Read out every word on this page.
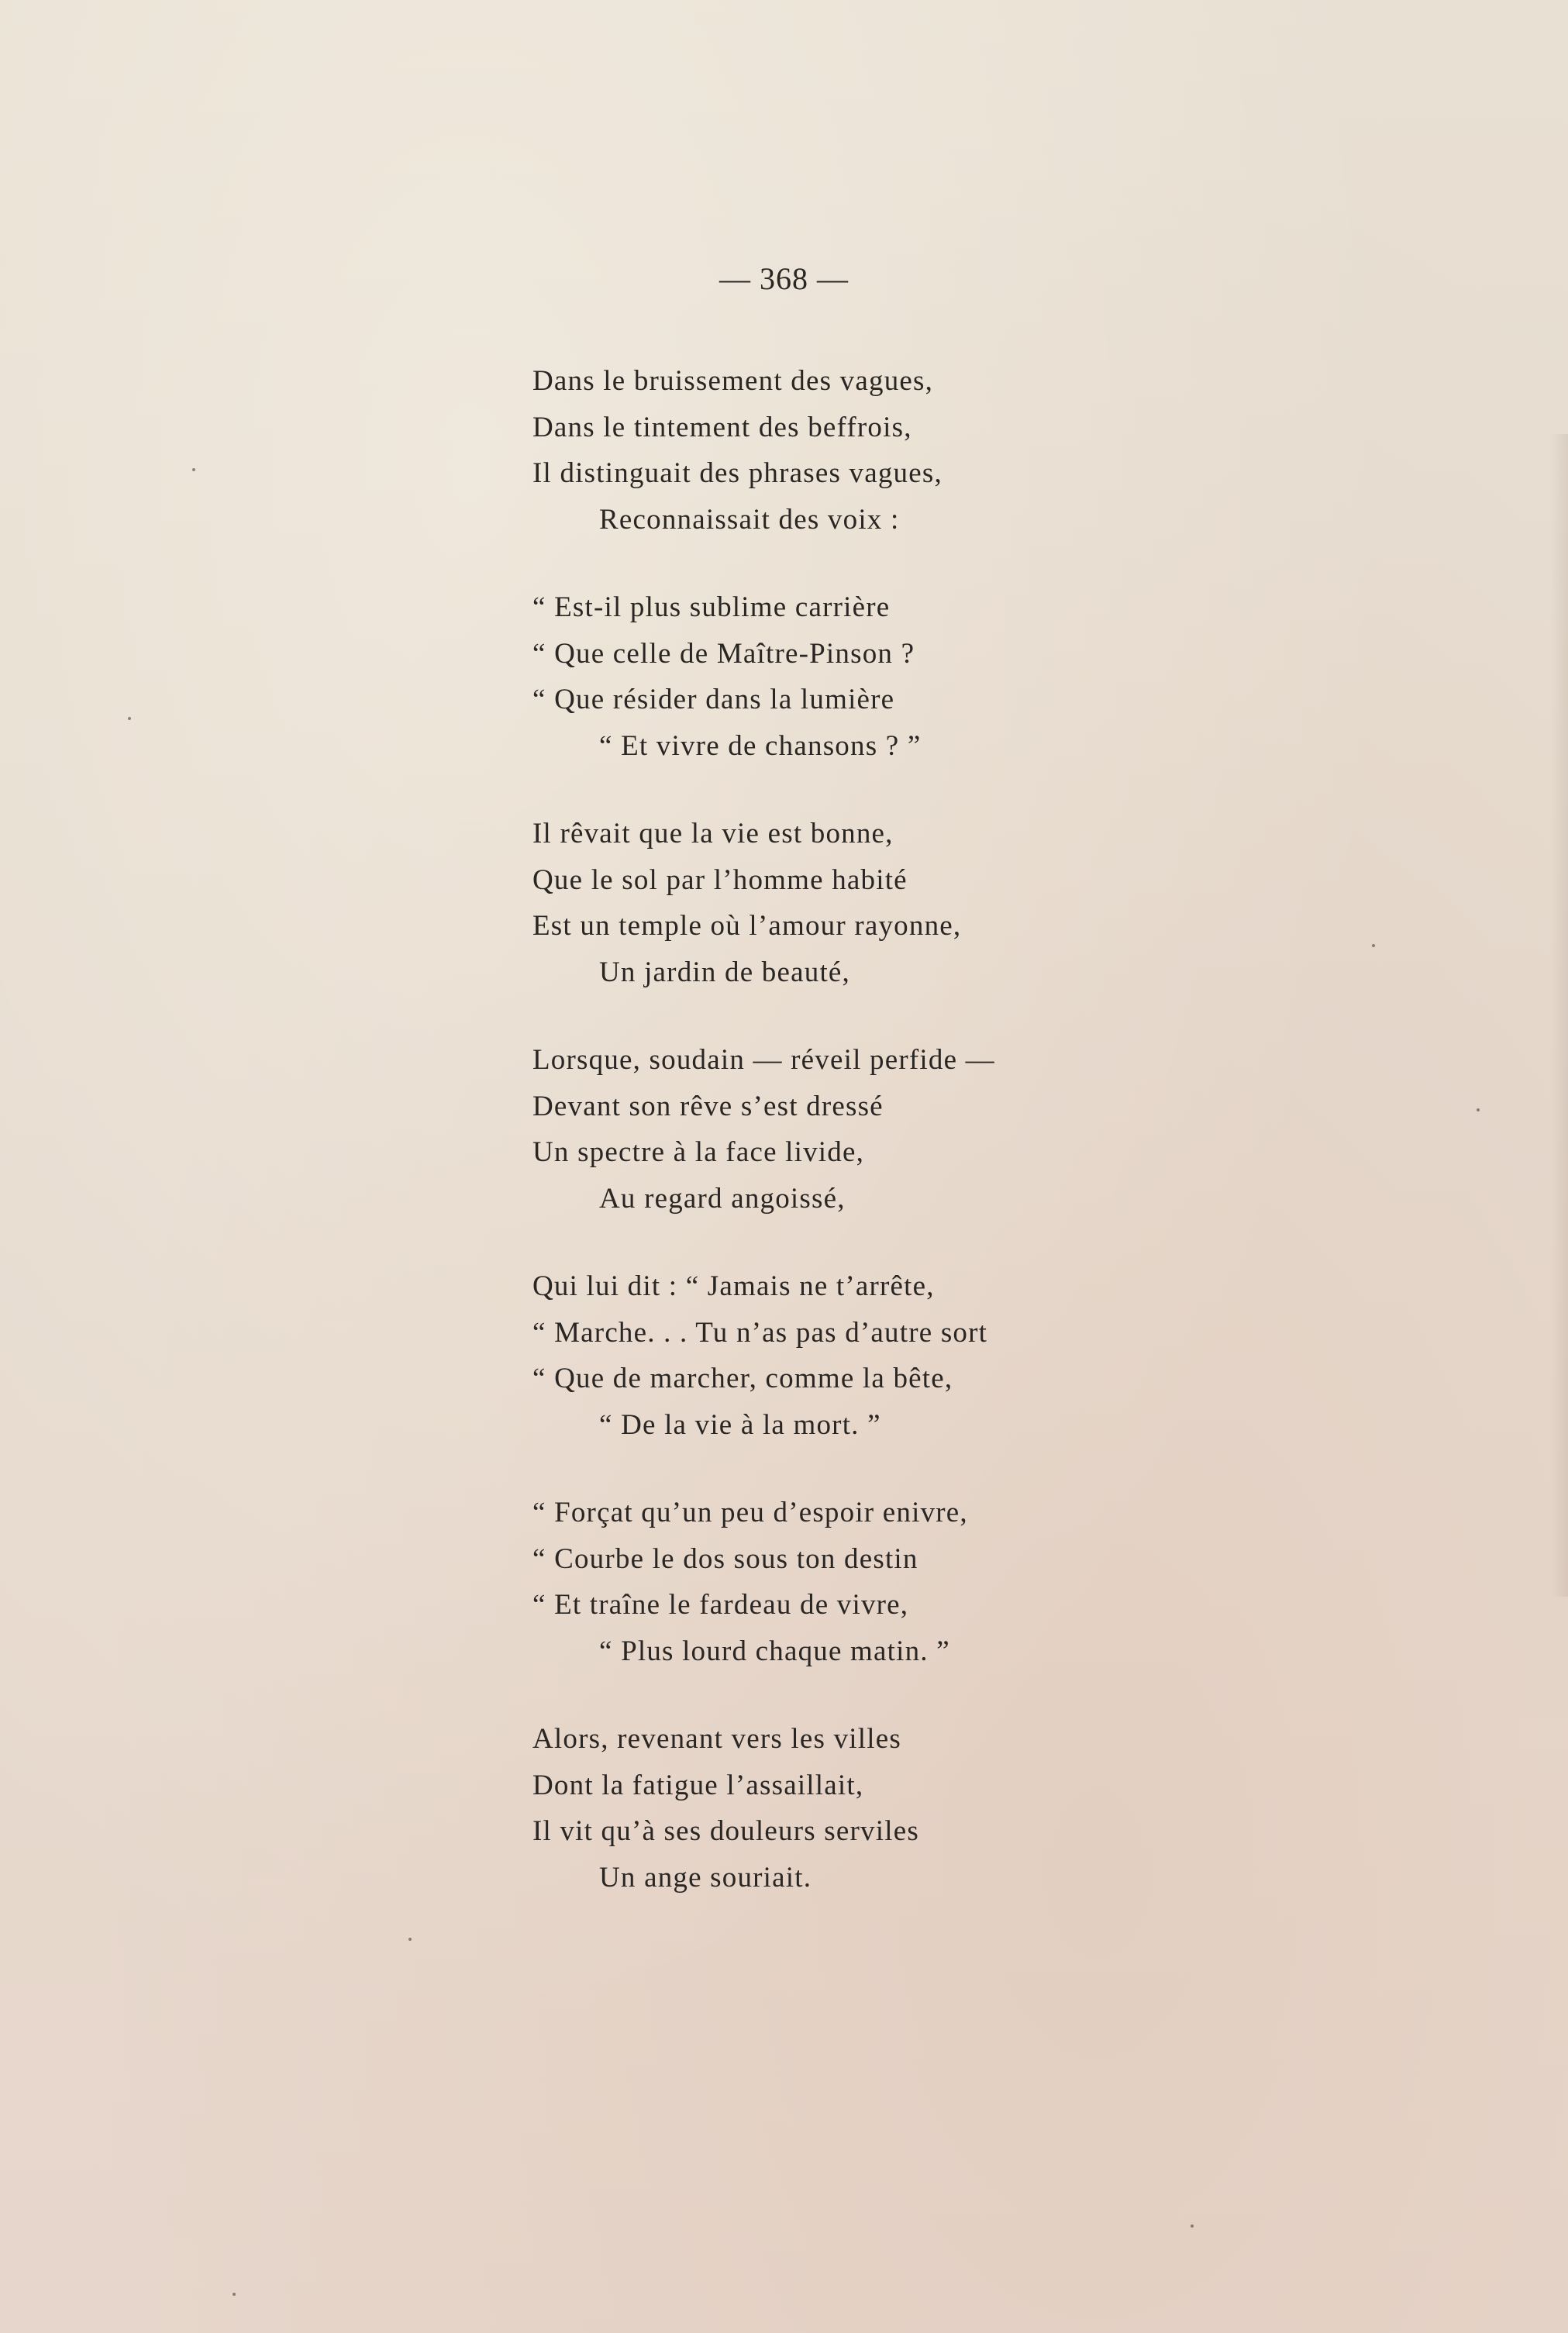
— 368 —

Dans le bruissement des vagues,
Dans le tintement des beffrois,
Il distinguait des phrases vagues,
Reconnaissait des voix :
“ Est-il plus sublime carrière
“ Que celle de Maître-Pinson ?
“ Que résider dans la lumière
“ Et vivre de chansons ? ”
Il rêvait que la vie est bonne,
Que le sol par l’homme habité
Est un temple où l’amour rayonne,
Un jardin de beauté,
Lorsque, soudain — réveil perfide —
Devant son rêve s’est dressé
Un spectre à la face livide,
Au regard angoissé,
Qui lui dit : “ Jamais ne t’arrête,
“ Marche. . . Tu n’as pas d’autre sort
“ Que de marcher, comme la bête,
“ De la vie à la mort. ”
“ Forçat qu’un peu d’espoir enivre,
“ Courbe le dos sous ton destin
“ Et traîne le fardeau de vivre,
“ Plus lourd chaque matin. ”
Alors, revenant vers les villes
Dont la fatigue l’assaillait,
Il vit qu’à ses douleurs serviles
Un ange souriait.
